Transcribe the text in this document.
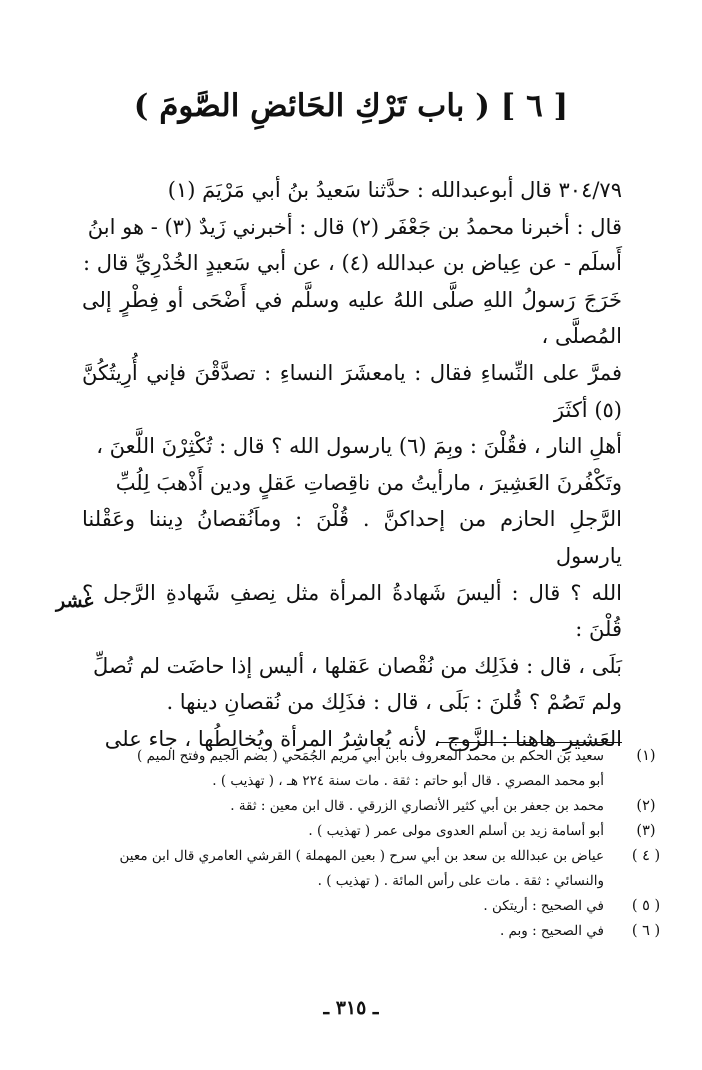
[ ٦ ] ( باب تَرْكِ الحَائضِ الصَّومَ )

٣٠٤/٧٩ قال أبوعبدالله : حدَّثنا سَعيدُ بنُ أبي مَرْيَمَ (١)

قال : أخبرنا محمدُ بن جَعْفَر (٢) قال : أخبرني زَيدٌ (٣) - هو ابنُ

أَسلَم - عن عِياض بن عبدالله (٤) ، عن أبي سَعيدٍ الخُدْرِيِّ قال :

خَرَجَ رَسولُ اللهِ صلَّى اللهُ عليه وسلَّم في أَضْحَى أو فِطْرٍ إلى المُصلَّى ،

فمرَّ على النِّساءِ فقال : يامعشَرَ النساءِ : تصدَّقْنَ فإني أُرِيتُكُنَّ (٥) أكثَرَ

أهلِ النار ، فقُلْنَ : وبِمَ (٦) يارسول الله ؟ قال : تُكْثِرْنَ اللَّعنَ ،

وتَكْفُرنَ العَشِيرَ ، مارأيتُ من ناقِصاتِ عَقلٍ ودين أَذْهبَ لِلُبِّ

الرَّجلِ الحازم من إحداكنَّ . قُلْنَ : وماَنُقصانُ دِيننا وعَقْلنا يارسول

الله ؟ قال : أليسَ شَهادةُ المرأة مثل نِصفِ شَهادةِ الرَّجل ؟ قُلْنَ :

بَلَى ، قال : فذَلِك من نُقْصان عَقلها ، أليس إذا حاضَت لم تُصلِّ

ولم تَصُمْ ؟ قُلنَ : بَلَى ، قال : فذَلِك من نُقصانِ دينها .

العَشيرِ هاهنا : الزَّوج ، لأنه يُعاشِرُ المرأة ويُخالِطُها ، جاء على

عشر
(١)
سعيد بن الحكم بن محمد المعروف بابن أبي مريم الجُمَحي ( بضم الجيم وفتح الميم )
أبو محمد المصري . قال أبو حاتم : ثقة . مات سنة ٢٢٤ هـ ، ( تهذيب ) .
(٢)
محمد بن جعفر بن أبي كثير الأنصاري الزرقي . قال ابن معين : ثقة .
(٣)
أبو أسامة زيد بن أسلم العدوى مولى عمر ( تهذيب ) .
( ٤ )
عياض بن عبدالله بن سعد بن أبي سرح ( بعين المهملة ) القرشي العامري قال ابن معين
والنسائي : ثقة . مات على رأس المائة . ( تهذيب ) .
( ٥ )
في الصحيح : أريتكن .
( ٦ )
في الصحيح : وبم .
ـ ٣١٥ ـ
